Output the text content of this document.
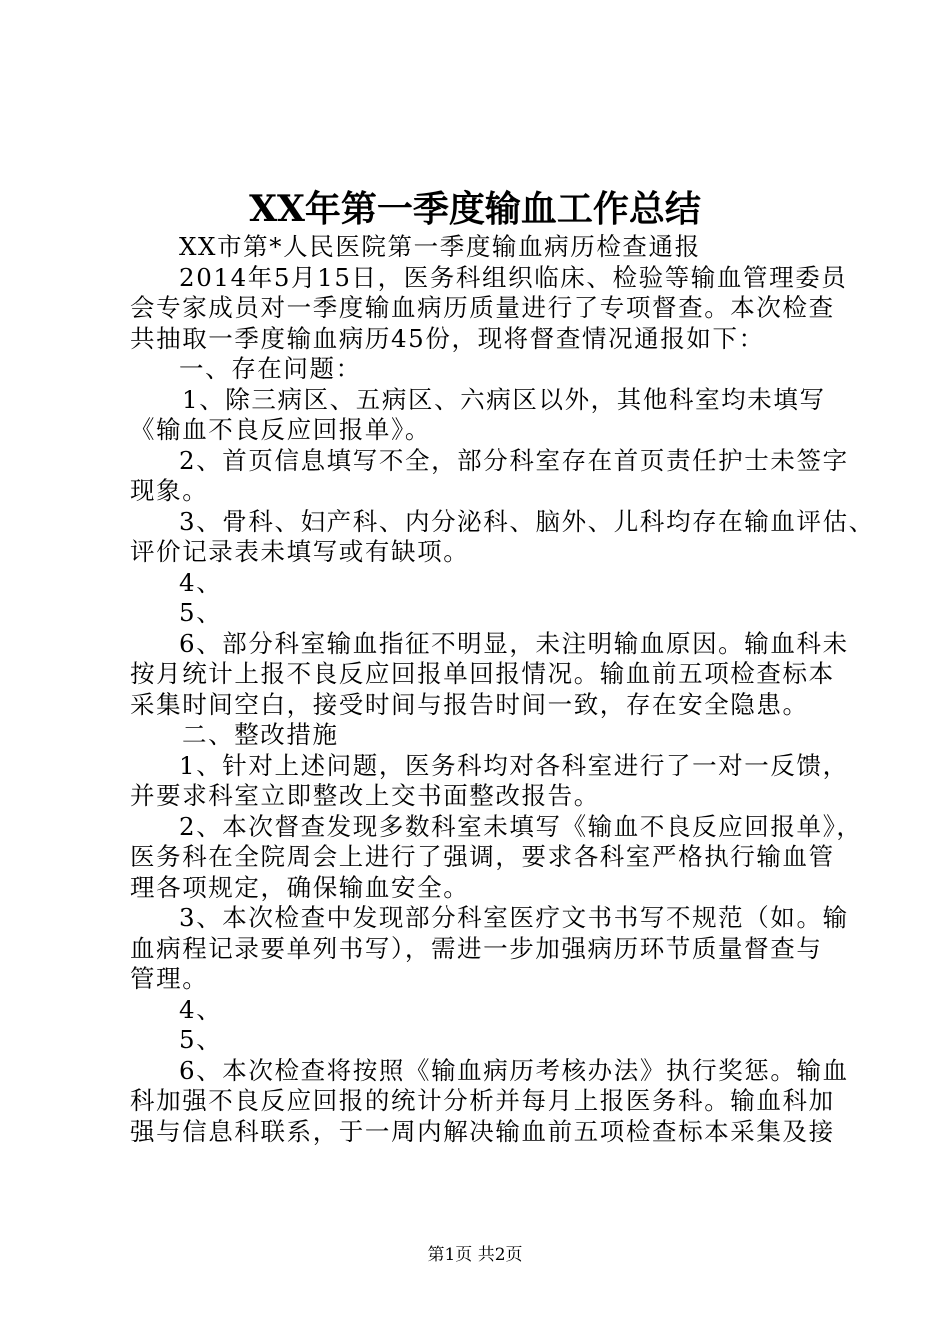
XX年第一季度输血工作总结
XX市第*人民医院第一季度输血病历检查通报
2014年5月15日，医务科组织临床、检验等输血管理委员
会专家成员对一季度输血病历质量进行了专项督查。本次检查
共抽取一季度输血病历45份，现将督查情况通报如下：
一、存在问题：
1、除三病区、五病区、六病区以外，其他科室均未填写
《输血不良反应回报单》。
2、首页信息填写不全，部分科室存在首页责任护士未签字
现象。
3、骨科、妇产科、内分泌科、脑外、儿科均存在输血评估、
评价记录表未填写或有缺项。
4、
5、
6、部分科室输血指征不明显，未注明输血原因。输血科未
按月统计上报不良反应回报单回报情况。输血前五项检查标本
采集时间空白，接受时间与报告时间一致，存在安全隐患。
二、整改措施
1、针对上述问题，医务科均对各科室进行了一对一反馈，
并要求科室立即整改上交书面整改报告。
2、本次督查发现多数科室未填写《输血不良反应回报单》，
医务科在全院周会上进行了强调，要求各科室严格执行输血管
理各项规定，确保输血安全。
3、本次检查中发现部分科室医疗文书书写不规范（如。输
血病程记录要单列书写），需进一步加强病历环节质量督查与
管理。
4、
5、
6、本次检查将按照《输血病历考核办法》执行奖惩。输血
科加强不良反应回报的统计分析并每月上报医务科。输血科加
强与信息科联系，于一周内解决输血前五项检查标本采集及接
第1页 共2页
